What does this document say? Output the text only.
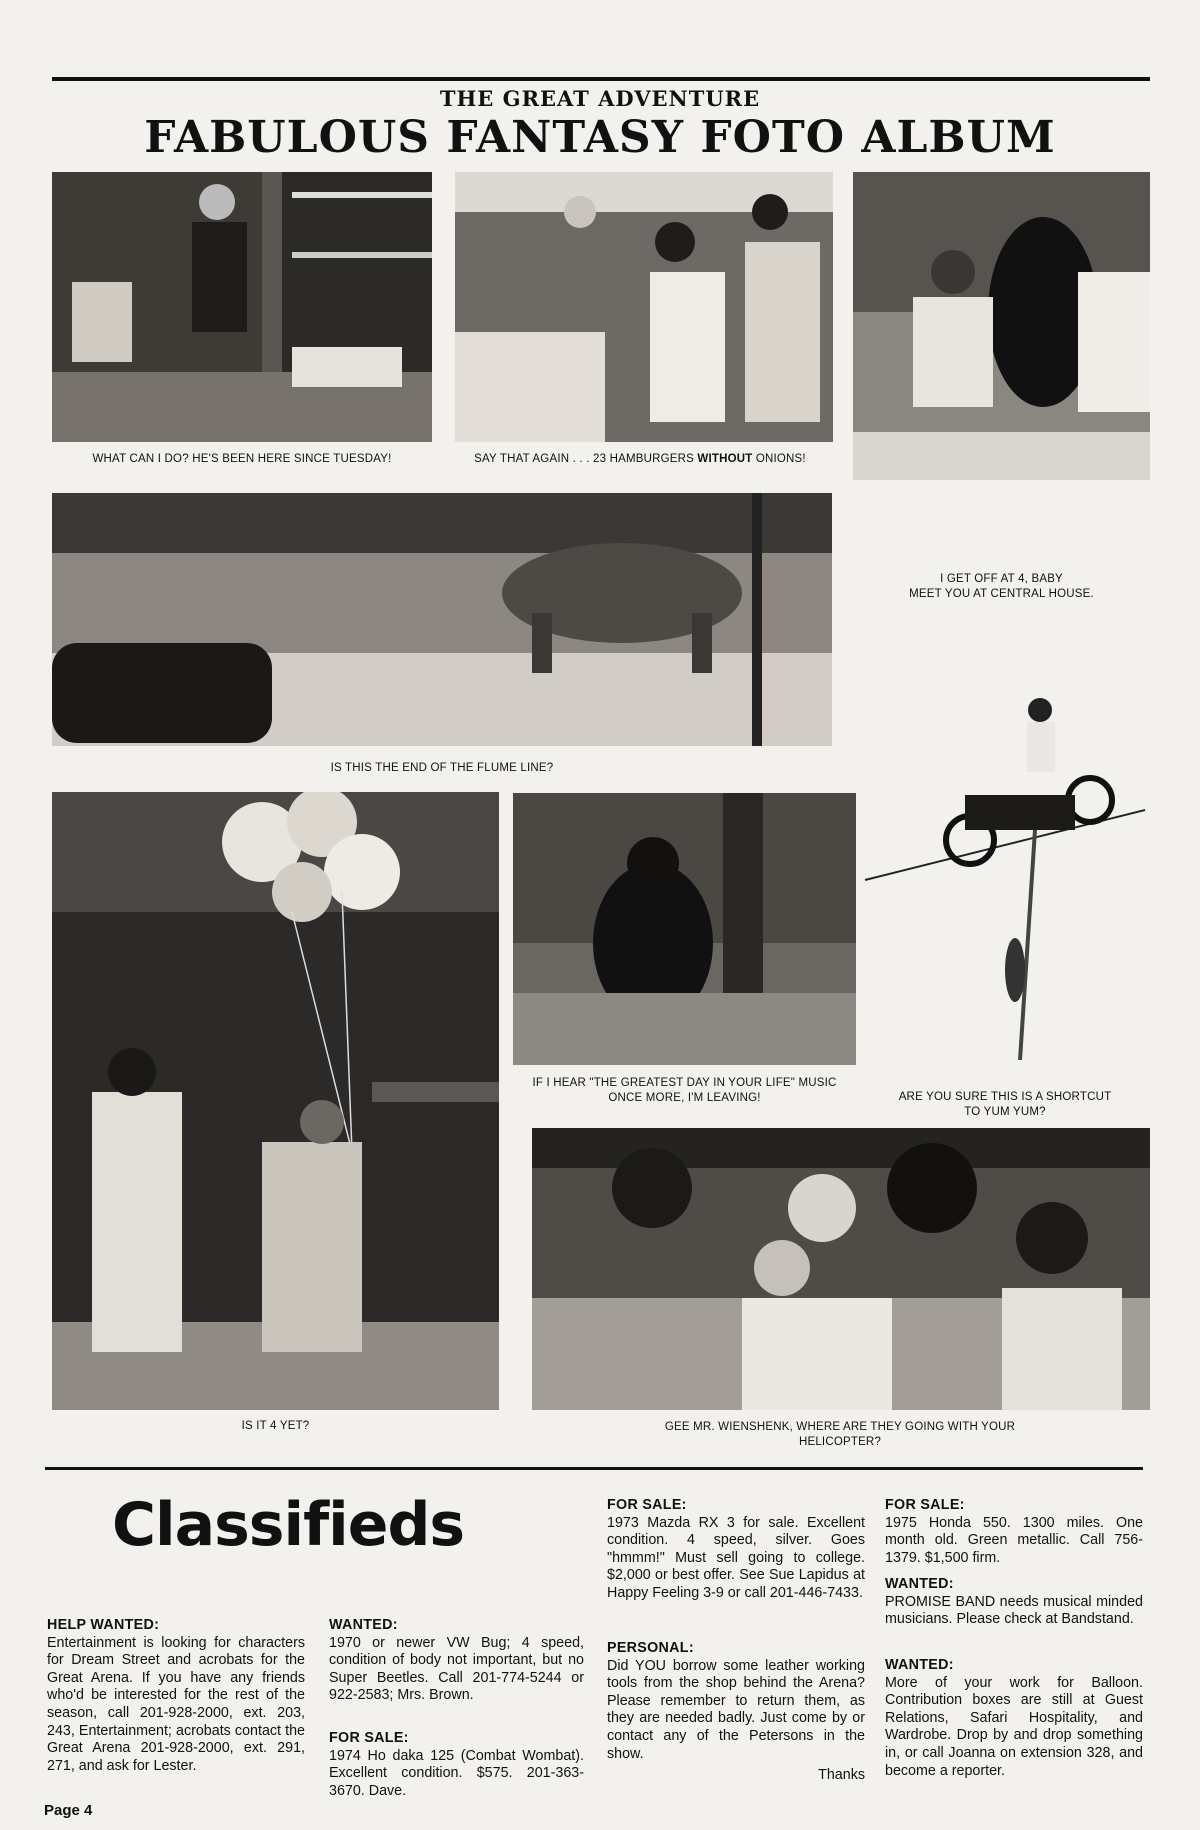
THE GREAT ADVENTURE
FABULOUS FANTASY FOTO ALBUM
WHAT CAN I DO? HE'S BEEN HERE SINCE TUESDAY!	SAY THAT AGAIN . . . 23 HAMBURGERS WITHOUT ONIONS!
I GET OFF AT 4, BABY
MEET YOU AT CENTRAL HOUSE.
IS THIS THE END OF THE FLUME LINE?
ARE YOU SURE THIS IS A SHORTCUT
TO YUM YUM?
IS IT 4 YET?
IF I HEAR "THE GREATEST DAY IN YOUR LIFE" MUSIC
ONCE MORE, I'M LEAVING!
GEE MR. WIENSHENK, WHERE ARE THEY GOING WITH YOUR
HELICOPTER?
Classifieds
HELP WANTED:

Entertainment is looking for characters for Dream Street and acrobats for the Great Arena. If you have any friends who'd be interested for the rest of the season, call 201-928-2000, ext. 203, 243, Entertainment; acrobats contact the Great Arena 201-928-2000, ext. 291, 271, and ask for Lester.

WANTED:

1970 or newer VW Bug; 4 speed, condition of body not important, but no Super Beetles. Call 201-774-5244 or 922-2583; Mrs. Brown.

FOR SALE:

1974 Ho daka 125 (Combat Wombat). Excellent condition. $575. 201-363-3670. Dave.

FOR SALE:

1973 Mazda RX 3 for sale. Excellent condition. 4 speed, silver. Goes "hmmm!" Must sell going to college. $2,000 or best offer. See Sue Lapidus at Happy Feeling 3-9 or call 201-446-7433.

PERSONAL:

Did YOU borrow some leather working tools from the shop behind the Arena? Please remember to return them, as they are needed badly. Just come by or contact any of the Petersons in the show.

Thanks

FOR SALE:

1975 Honda 550. 1300 miles. One month old. Green metallic. Call 756-1379. $1,500 firm.

WANTED:

PROMISE BAND needs musical minded musicians. Please check at Bandstand.

WANTED:

More of your work for Balloon. Contribution boxes are still at Guest Relations, Safari Hospitality, and Wardrobe. Drop by and drop something in, or call Joanna on extension 328, and become a reporter.

Page 4
